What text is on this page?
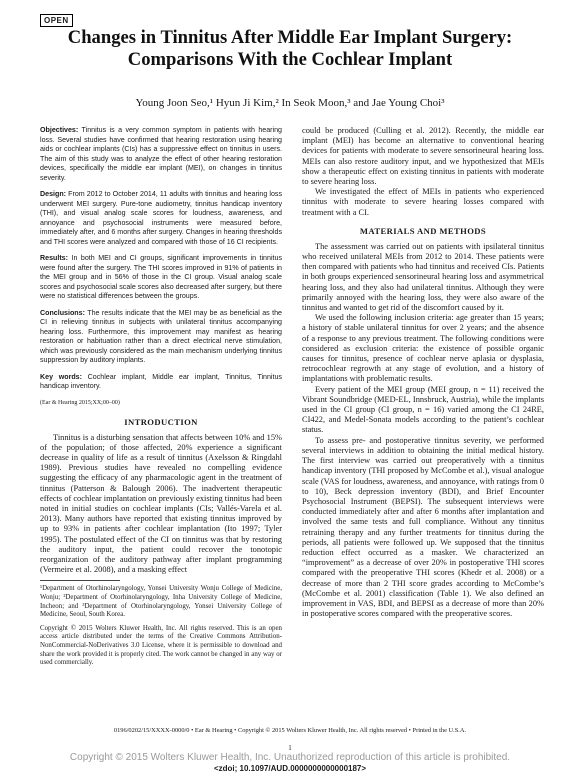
OPEN
Changes in Tinnitus After Middle Ear Implant Surgery: Comparisons With the Cochlear Implant
Young Joon Seo,¹ Hyun Ji Kim,² In Seok Moon,³ and Jae Young Choi³

Objectives: Tinnitus is a very common symptom in patients with hearing loss. Several studies have confirmed that hearing restoration using hearing aids or cochlear implants (CIs) has a suppressive effect on tinnitus in users. The aim of this study was to analyze the effect of other hearing restoration devices, specifically the middle ear implant (MEI), on changes in tinnitus severity.

Design: From 2012 to October 2014, 11 adults with tinnitus and hearing loss underwent MEI surgery. Pure-tone audiometry, tinnitus handicap inventory (THI), and visual analog scale scores for loudness, awareness, and annoyance and psychosocial instruments were measured before, immediately after, and 6 months after surgery. Changes in hearing thresholds and THI scores were analyzed and compared with those of 16 CI recipients.

Results: In both MEI and CI groups, significant improvements in tinnitus were found after the surgery. The THI scores improved in 91% of patients in the MEI group and in 56% of those in the CI group. Visual analog scale scores and psychosocial scale scores also decreased after surgery, but there were no statistical differences between the groups.

Conclusions: The results indicate that the MEI may be as beneficial as the CI in relieving tinnitus in subjects with unilateral tinnitus accompanying hearing loss. Furthermore, this improvement may manifest as hearing restoration or habituation rather than a direct electrical nerve stimulation, which was previously considered as the main mechanism underlying tinnitus suppression by auditory implants.

Key words: Cochlear implant, Middle ear implant, Tinnitus, Tinnitus handicap inventory.

(Ear & Hearing 2015;XX;00–00)

INTRODUCTION

Tinnitus is a disturbing sensation that affects between 10% and 15% of the population; of those affected, 20% experience a significant decrease in quality of life as a result of tinnitus (Axelsson & Ringdahl 1989). Previous studies have revealed no compelling evidence suggesting the efficacy of any pharmacologic agent in the treatment of tinnitus (Patterson & Balough 2006). The inadvertent therapeutic effects of cochlear implantation on previously existing tinnitus had been noted in initial studies on cochlear implants (CIs; Vallés-Varela et al. 2013). Many authors have reported that existing tinnitus improved by up to 93% in patients after cochlear implantation (Ito 1997; Tyler 1995). The postulated effect of the CI on tinnitus was that by restoring the auditory input, the patient could recover the tonotopic reorganization of the auditory pathway after implant programming (Vermeire et al. 2008), and a masking effect

¹Department of Otorhinolaryngology, Yonsei University Wonju College of Medicine, Wonju; ²Department of Otorhinolaryngology, Inha University College of Medicine, Incheon; and ³Department of Otorhinolaryngology, Yonsei University College of Medicine, Seoul, South Korea.

Copyright © 2015 Wolters Kluwer Health, Inc. All rights reserved. This is an open access article distributed under the terms of the Creative Commons Attribution-NonCommercial-NoDerivatives 3.0 License, where it is permissible to download and share the work provided it is properly cited. The work cannot be changed in any way or used commercially.

could be produced (Culling et al. 2012). Recently, the middle ear implant (MEI) has become an alternative to conventional hearing devices for patients with moderate to severe sensorineural hearing loss. MEIs can also restore auditory input, and we hypothesized that MEIs show a therapeutic effect on existing tinnitus in patients with moderate to severe hearing loss.

We investigated the effect of MEIs in patients who experienced tinnitus with moderate to severe hearing losses compared with treatment with a CI.

MATERIALS AND METHODS

The assessment was carried out on patients with ipsilateral tinnitus who received unilateral MEIs from 2012 to 2014. These patients were then compared with patients who had tinnitus and received CIs. Patients in both groups experienced sensorineural hearing loss and asymmetrical hearing loss, and they also had unilateral tinnitus. Although they were primarily annoyed with the hearing loss, they were also aware of the tinnitus and wanted to get rid of the discomfort caused by it.

We used the following inclusion criteria: age greater than 15 years; a history of stable unilateral tinnitus for over 2 years; and the absence of a response to any previous treatment. The following conditions were considered as exclusion criteria: the existence of possible organic causes for tinnitus, presence of cochlear nerve aplasia or dysplasia, retrocochlear regrowth at any stage of evolution, and a history of implantations with problematic results.

Every patient of the MEI group (MEI group, n = 11) received the Vibrant Soundbridge (MED-EL, Innsbruck, Austria), while the implants used in the CI group (CI group, n = 16) varied among the CI 24RE, CI422, and Medel-Sonata models according to the patient’s cochlear status.

To assess pre- and postoperative tinnitus severity, we performed several interviews in addition to obtaining the initial medical history. The first interview was carried out preoperatively with a tinnitus handicap inventory (THI proposed by McCombe et al.), visual analogue scale (VAS for loudness, awareness, and annoyance, with ratings from 0 to 10), Beck depression inventory (BDI), and Brief Encounter Psychosocial Instrument (BEPSI). The subsequent interviews were conducted immediately after and after 6 months after implantation and involved the same tests and full compliance. Without any tinnitus retraining therapy and any further treatments for tinnitus during the periods, all patients were followed up. We supposed that the tinnitus reduction effect occurred as a masker. We characterized an “improvement” as a decrease of over 20% in postoperative THI scores compared with the preoperative THI scores (Khedr et al. 2008) or a decrease of more than 2 THI score grades according to McCombe’s (McCombe et al. 2001) classification (Table 1). We also defined an improvement in VAS, BDI, and BEPSI as a decrease of more than 20% in postoperative scores compared with the preoperative scores.

0196/0202/15/XXXX-0000/0 • Ear & Hearing • Copyright © 2015 Wolters Kluwer Health, Inc. All rights reserved • Printed in the U.S.A.
1
Copyright © 2015 Wolters Kluwer Health, Inc. Unauthorized reproduction of this article is prohibited.
<zdoi; 10.1097/AUD.0000000000000187>
